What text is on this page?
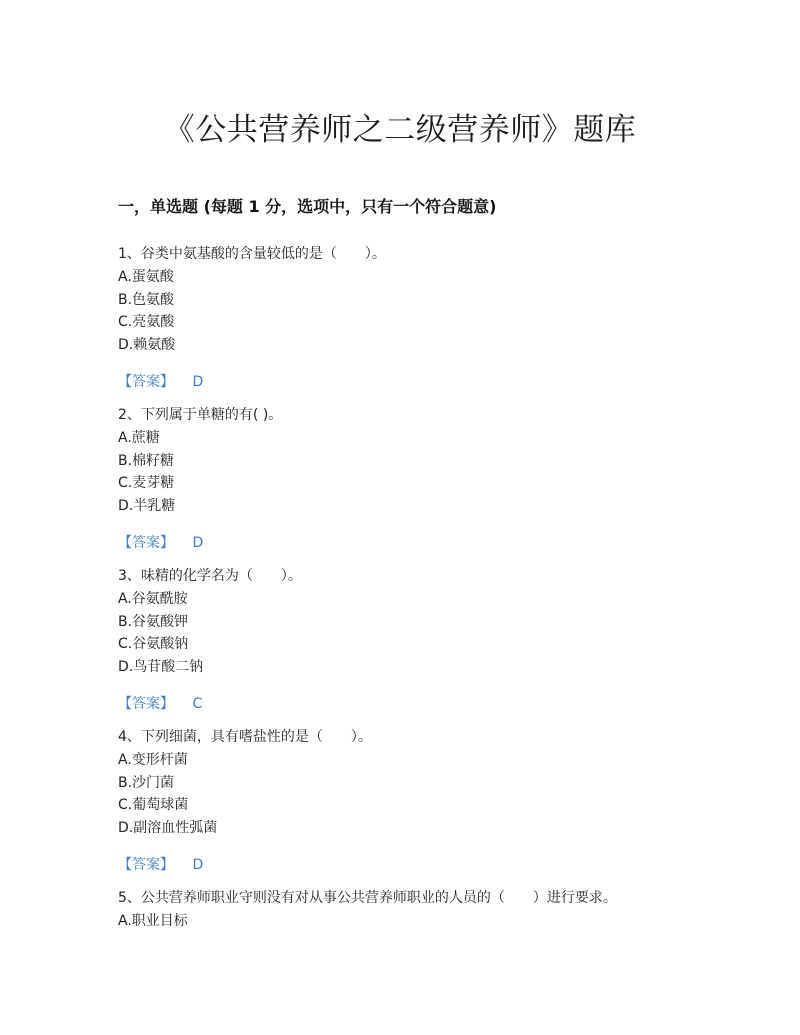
《公共营养师之二级营养师》题库
一，单选题 (每题 1 分，选项中，只有一个符合题意)
1、谷类中氨基酸的含量较低的是（　　）。
A.蛋氨酸
B.色氨酸
C.亮氨酸
D.赖氨酸
【答案】 D
2、下列属于单糖的有( )。
A.蔗糖
B.棉籽糖
C.麦芽糖
D.半乳糖
【答案】 D
3、味精的化学名为（　　）。
A.谷氨酰胺
B.谷氨酸钾
C.谷氨酸钠
D.鸟苷酸二钠
【答案】 C
4、下列细菌，具有嗜盐性的是（　　）。
A.变形杆菌
B.沙门菌
C.葡萄球菌
D.副溶血性弧菌
【答案】 D
5、公共营养师职业守则没有对从事公共营养师职业的人员的（　　）进行要求。
A.职业目标
